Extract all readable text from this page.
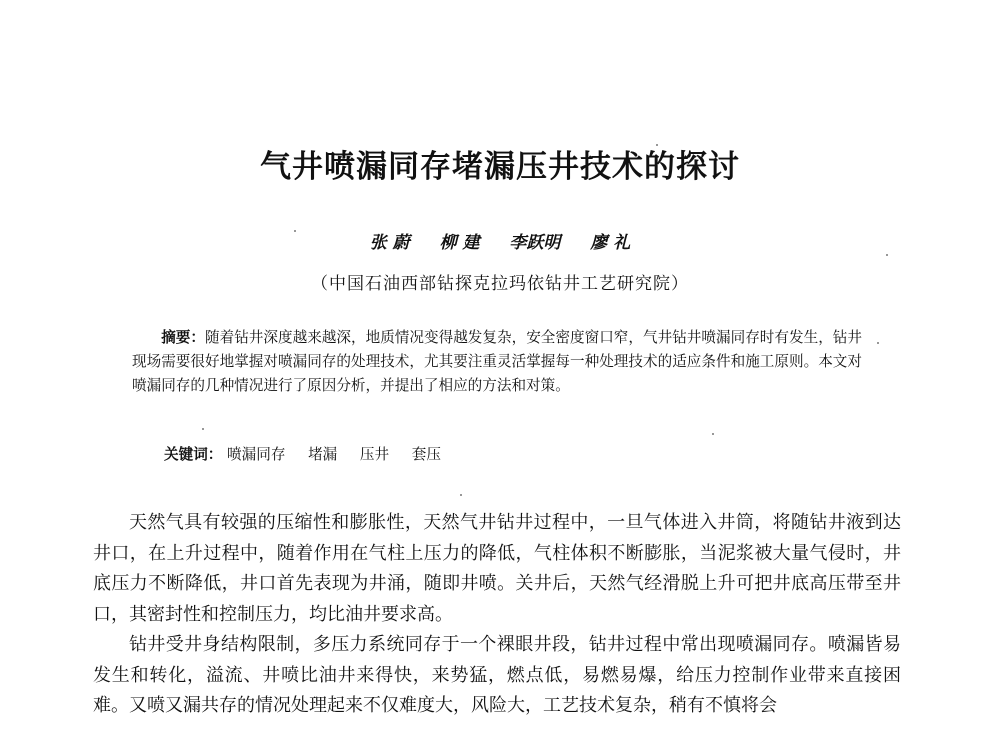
气井喷漏同存堵漏压井技术的探讨
张 蔚 柳 建 李跃明 廖 礼
（中国石油西部钻探克拉玛依钻井工艺研究院）

摘要：随着钻井深度越来越深，地质情况变得越发复杂，安全密度窗口窄，气井钻井喷漏同存时有发生，钻井现场需要很好地掌握对喷漏同存的处理技术，尤其要注重灵活掌握每一种处理技术的适应条件和施工原则。本文对喷漏同存的几种情况进行了原因分析，并提出了相应的方法和对策。

关键词： 喷漏同存 堵漏 压井 套压

天然气具有较强的压缩性和膨胀性，天然气井钻井过程中，一旦气体进入井筒，将随钻井液到达井口，在上升过程中，随着作用在气柱上压力的降低，气柱体积不断膨胀，当泥浆被大量气侵时，井底压力不断降低，井口首先表现为井涌，随即井喷。关井后，天然气经滑脱上升可把井底高压带至井口，其密封性和控制压力，均比油井要求高。

钻井受井身结构限制，多压力系统同存于一个裸眼井段，钻井过程中常出现喷漏同存。喷漏皆易发生和转化，溢流、井喷比油井来得快，来势猛，燃点低，易燃易爆，给压力控制作业带来直接困难。又喷又漏共存的情况处理起来不仅难度大，风险大，工艺技术复杂，稍有不慎将会
